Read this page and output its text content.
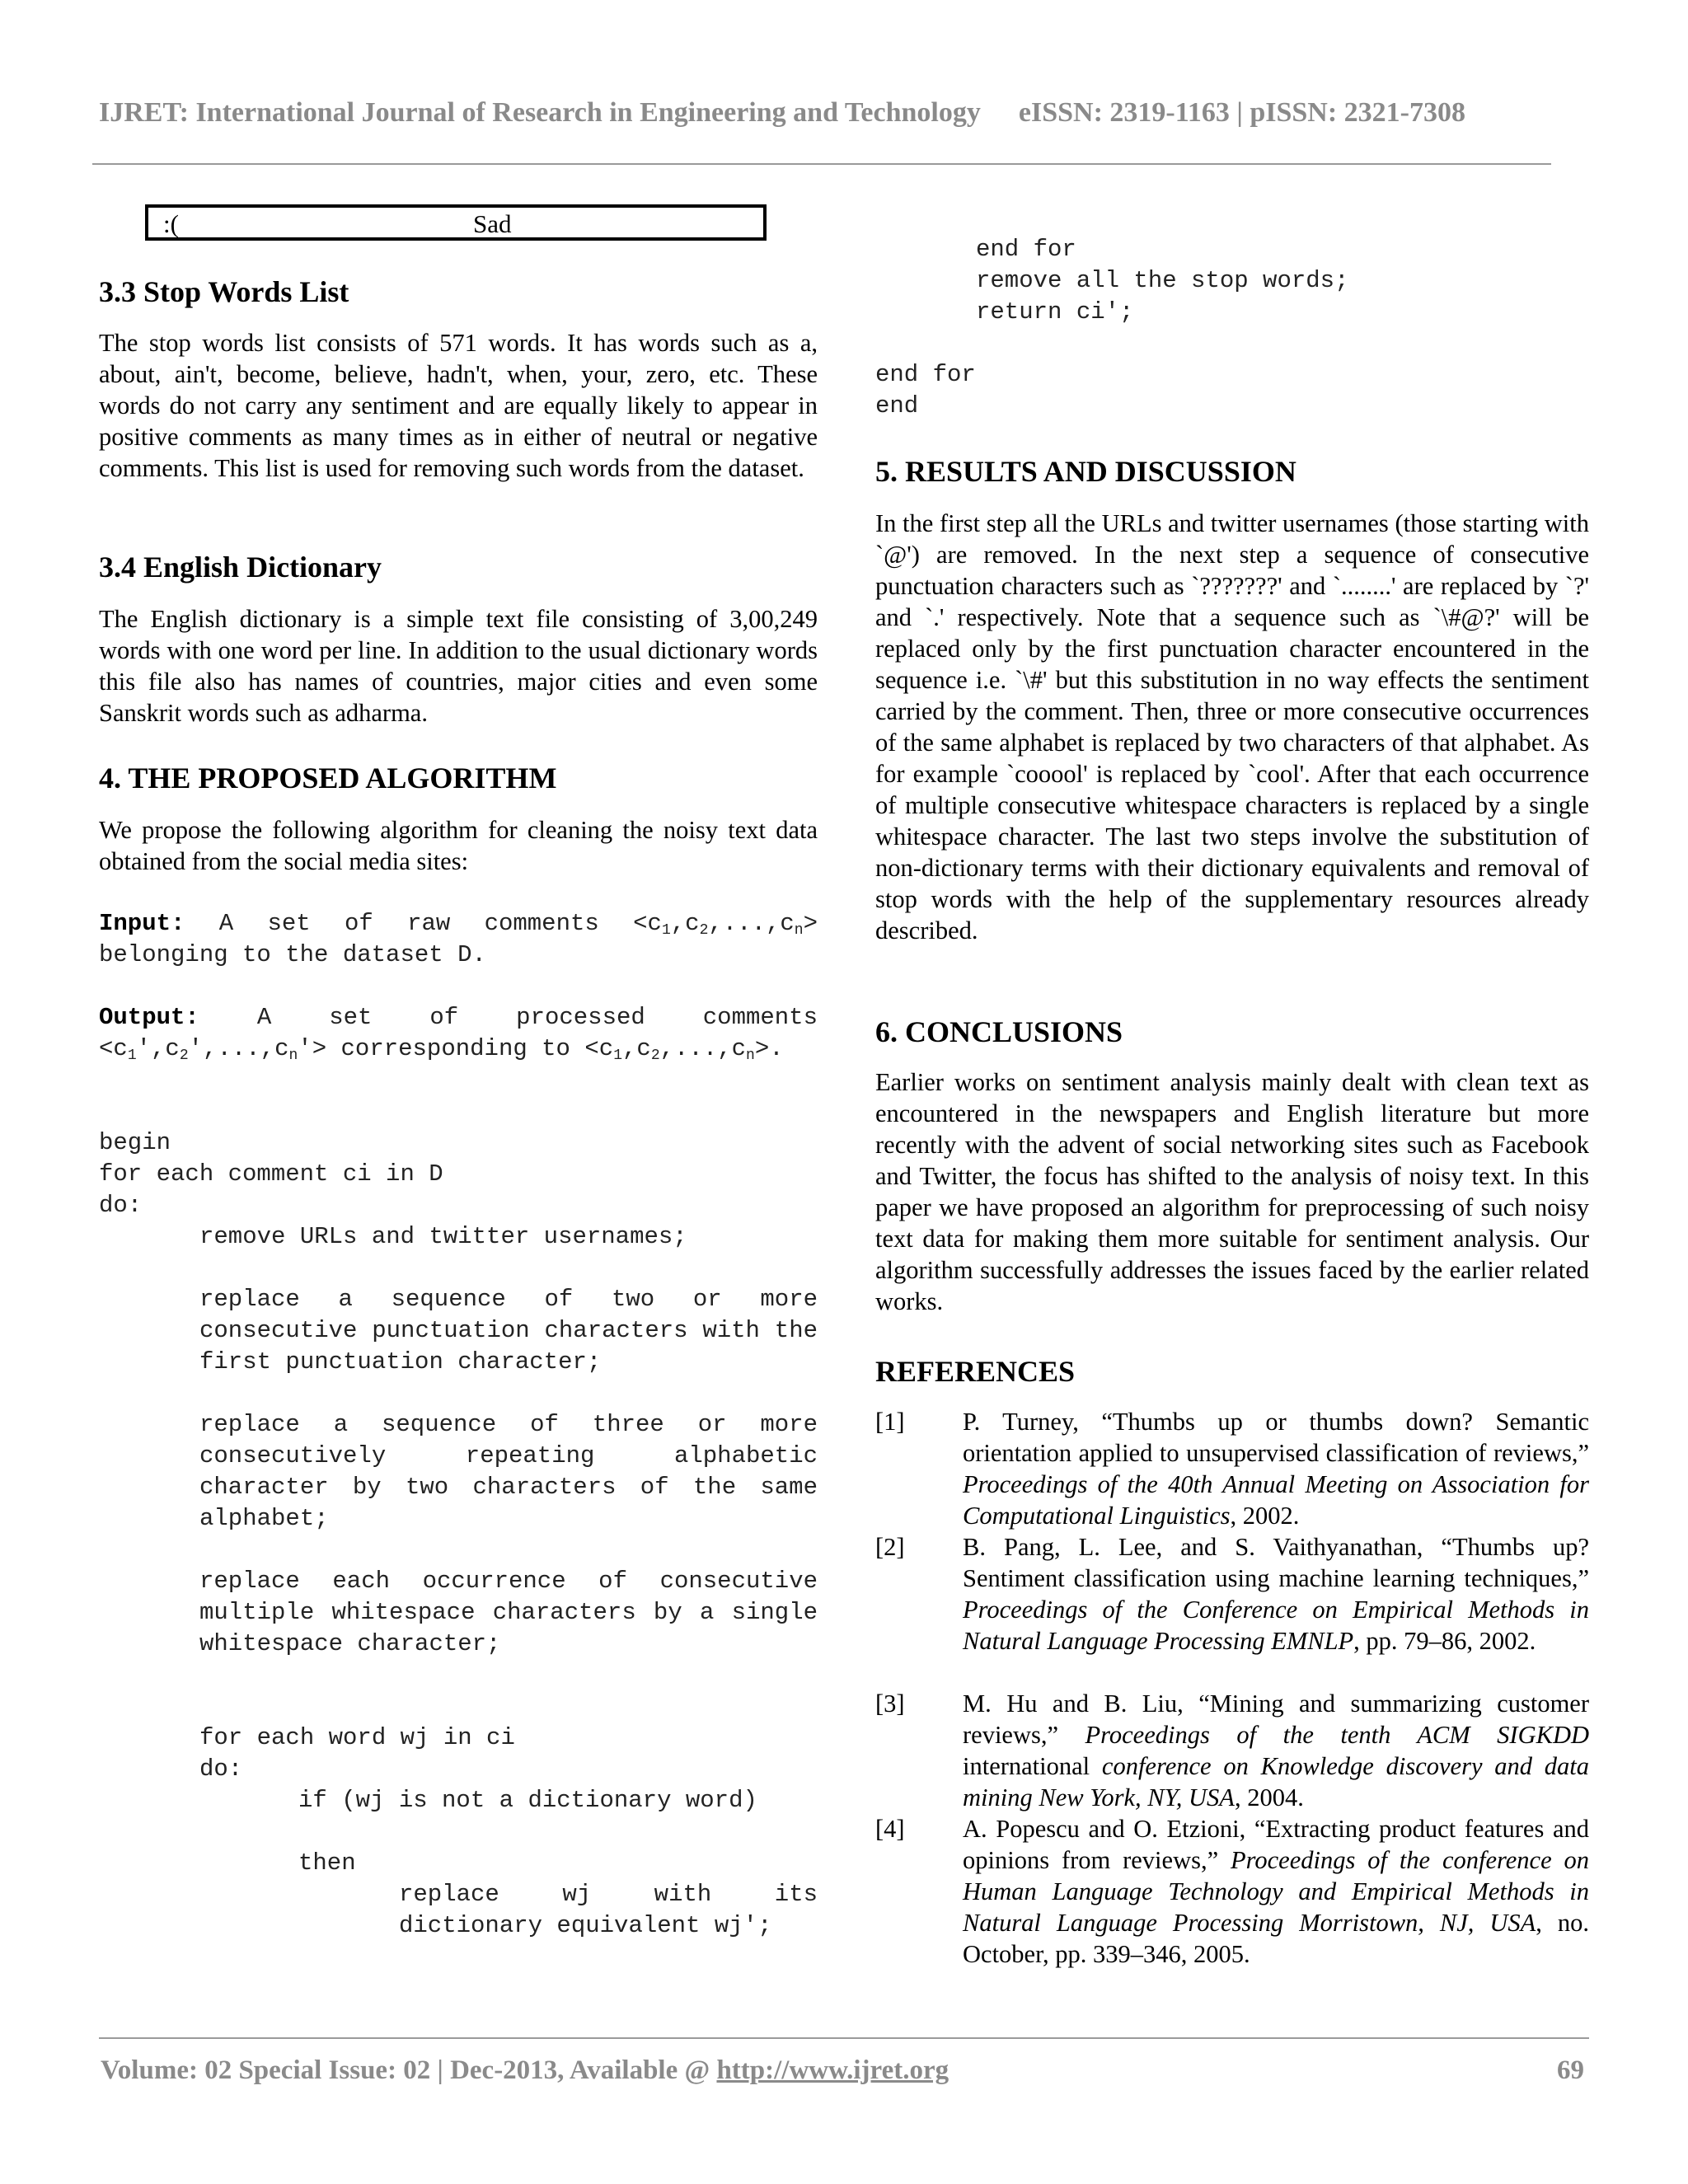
IJRET: International Journal of Research in Engineering and Technology eISSN: 2319-1163 | pISSN: 2321-7308
:(	Sad
3.3 Stop Words List

The stop words list consists of 571 words. It has words such as a, about, ain't, become, believe, hadn't, when, your, zero, etc. These words do not carry any sentiment and are equally likely to appear in positive comments as many times as in either of neutral or negative comments. This list is used for removing such words from the dataset.

3.4 English Dictionary

The English dictionary is a simple text file consisting of 3,00,249 words with one word per line. In addition to the usual dictionary words this file also has names of countries, major cities and even some Sanskrit words such as adharma.

4. THE PROPOSED ALGORITHM

We propose the following algorithm for cleaning the noisy text data obtained from the social media sites:

Input: A set of raw comments $<c_1,c_2,...,c_n>$ belonging to the dataset D.
Output: A set of processed comments $<c_1',c_2',...,c_n'>$ corresponding to $<c_1,c_2,...,c_n>$.
begin
for each comment ci in D
do:
remove URLs and twitter usernames;
replace a sequence of two or more consecutive punctuation characters with the first punctuation character;
replace a sequence of three or more consecutively repeating alphabetic character by two characters of the same alphabet;
replace each occurrence of consecutive multiple whitespace characters by a single whitespace character;
for each word wj in ci
do:
if (wj is not a dictionary word)
then
replace wj with its dictionary equivalent wj';
end for
remove all the stop words;
return ci';
end for
end
5. RESULTS AND DISCUSSION

In the first step all the URLs and twitter usernames (those starting with `@') are removed. In the next step a sequence of consecutive punctuation characters such as `???????' and `........' are replaced by `?' and `.' respectively. Note that a sequence such as `\#@?' will be replaced only by the first punctuation character encountered in the sequence i.e. `\#' but this substitution in no way effects the sentiment carried by the comment. Then, three or more consecutive occurrences of the same alphabet is replaced by two characters of that alphabet. As for example `cooool' is replaced by `cool'. After that each occurrence of multiple consecutive whitespace characters is replaced by a single whitespace character. The last two steps involve the substitution of non-dictionary terms with their dictionary equivalents and removal of stop words with the help of the supplementary resources already described.

6. CONCLUSIONS

Earlier works on sentiment analysis mainly dealt with clean text as encountered in the newspapers and English literature but more recently with the advent of social networking sites such as Facebook and Twitter, the focus has shifted to the analysis of noisy text. In this paper we have proposed an algorithm for preprocessing of such noisy text data for making them more suitable for sentiment analysis. Our algorithm successfully addresses the issues faced by the earlier related works.

REFERENCES
[1] P. Turney, “Thumbs up or thumbs down? Semantic orientation applied to unsupervised classification of reviews,” Proceedings of the 40th Annual Meeting on Association for Computational Linguistics, 2002.
[2] B. Pang, L. Lee, and S. Vaithyanathan, “Thumbs up? Sentiment classification using machine learning techniques,” Proceedings of the Conference on Empirical Methods in Natural Language Processing EMNLP, pp. 79–86, 2002.
[3] M. Hu and B. Liu, “Mining and summarizing customer reviews,” Proceedings of the tenth ACM SIGKDD international conference on Knowledge discovery and data mining New York, NY, USA, 2004.
[4] A. Popescu and O. Etzioni, “Extracting product features and opinions from reviews,” Proceedings of the conference on Human Language Technology and Empirical Methods in Natural Language Processing Morristown, NJ, USA, no. October, pp. 339–346, 2005.
Volume: 02 Special Issue: 02 | Dec-2013, Available @ http://www.ijret.org	69
